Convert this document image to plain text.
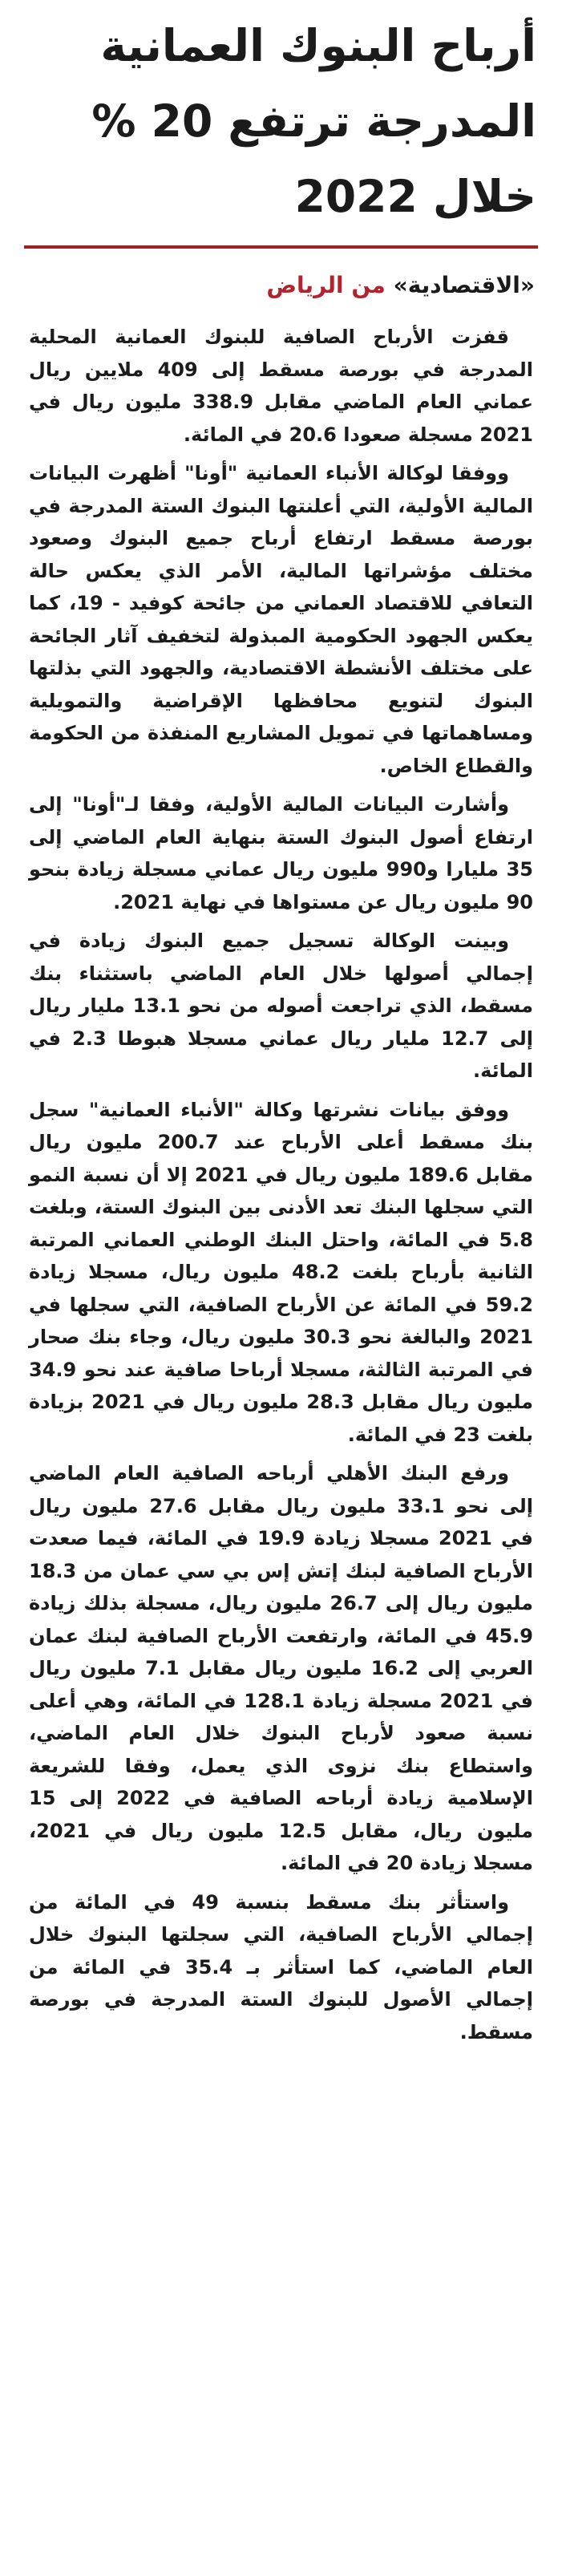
أرباح البنوك العمانية المدرجة ترتفع 20 % خلال 2022
«الاقتصادية» من الرياض

قفزت الأرباح الصافية للبنوك العمانية المحلية المدرجة في بورصة مسقط إلى 409 ملايين ريال عماني العام الماضي مقابل 338.9 مليون ريال في 2021 مسجلة صعودا 20.6 في المائة.

ووفقا لوكالة الأنباء العمانية "أونا" أظهرت البيانات المالية الأولية، التي أعلنتها البنوك الستة المدرجة في بورصة مسقط ارتفاع أرباح جميع البنوك وصعود مختلف مؤشراتها المالية، الأمر الذي يعكس حالة التعافي للاقتصاد العماني من جائحة كوفيد - 19، كما يعكس الجهود الحكومية المبذولة لتخفيف آثار الجائحة على مختلف الأنشطة الاقتصادية، والجهود التي بذلتها البنوك لتنويع محافظها الإقراضية والتمويلية ومساهماتها في تمويل المشاريع المنفذة من الحكومة والقطاع الخاص.

وأشارت البيانات المالية الأولية، وفقا لـ"أونا" إلى ارتفاع أصول البنوك الستة بنهاية العام الماضي إلى 35 مليارا و990 مليون ريال عماني مسجلة زيادة بنحو 90 مليون ريال عن مستواها في نهاية 2021.

وبينت الوكالة تسجيل جميع البنوك زيادة في إجمالي أصولها خلال العام الماضي باستثناء بنك مسقط، الذي تراجعت أصوله من نحو 13.1 مليار ريال إلى 12.7 مليار ريال عماني مسجلا هبوطا 2.3 في المائة.

ووفق بيانات نشرتها وكالة "الأنباء العمانية" سجل بنك مسقط أعلى الأرباح عند 200.7 مليون ريال مقابل 189.6 مليون ريال في 2021 إلا أن نسبة النمو التي سجلها البنك تعد الأدنى بين البنوك الستة، وبلغت 5.8 في المائة، واحتل البنك الوطني العماني المرتبة الثانية بأرباح بلغت 48.2 مليون ريال، مسجلا زيادة 59.2 في المائة عن الأرباح الصافية، التي سجلها في 2021 والبالغة نحو 30.3 مليون ريال، وجاء بنك صحار في المرتبة الثالثة، مسجلا أرباحا صافية عند نحو 34.9 مليون ريال مقابل 28.3 مليون ريال في 2021 بزيادة بلغت 23 في المائة.

ورفع البنك الأهلي أرباحه الصافية العام الماضي إلى نحو 33.1 مليون ريال مقابل 27.6 مليون ريال في 2021 مسجلا زيادة 19.9 في المائة، فيما صعدت الأرباح الصافية لبنك إتش إس بي سي عمان من 18.3 مليون ريال إلى 26.7 مليون ريال، مسجلة بذلك زيادة 45.9 في المائة، وارتفعت الأرباح الصافية لبنك عمان العربي إلى 16.2 مليون ريال مقابل 7.1 مليون ريال في 2021 مسجلة زيادة 128.1 في المائة، وهي أعلى نسبة صعود لأرباح البنوك خلال العام الماضي، واستطاع بنك نزوى الذي يعمل، وفقا للشريعة الإسلامية زيادة أرباحه الصافية في 2022 إلى 15 مليون ريال، مقابل 12.5 مليون ريال في 2021، مسجلا زيادة 20 في المائة.

واستأثر بنك مسقط بنسبة 49 في المائة من إجمالي الأرباح الصافية، التي سجلتها البنوك خلال العام الماضي، كما استأثر بـ 35.4 في المائة من إجمالي الأصول للبنوك الستة المدرجة في بورصة مسقط.
